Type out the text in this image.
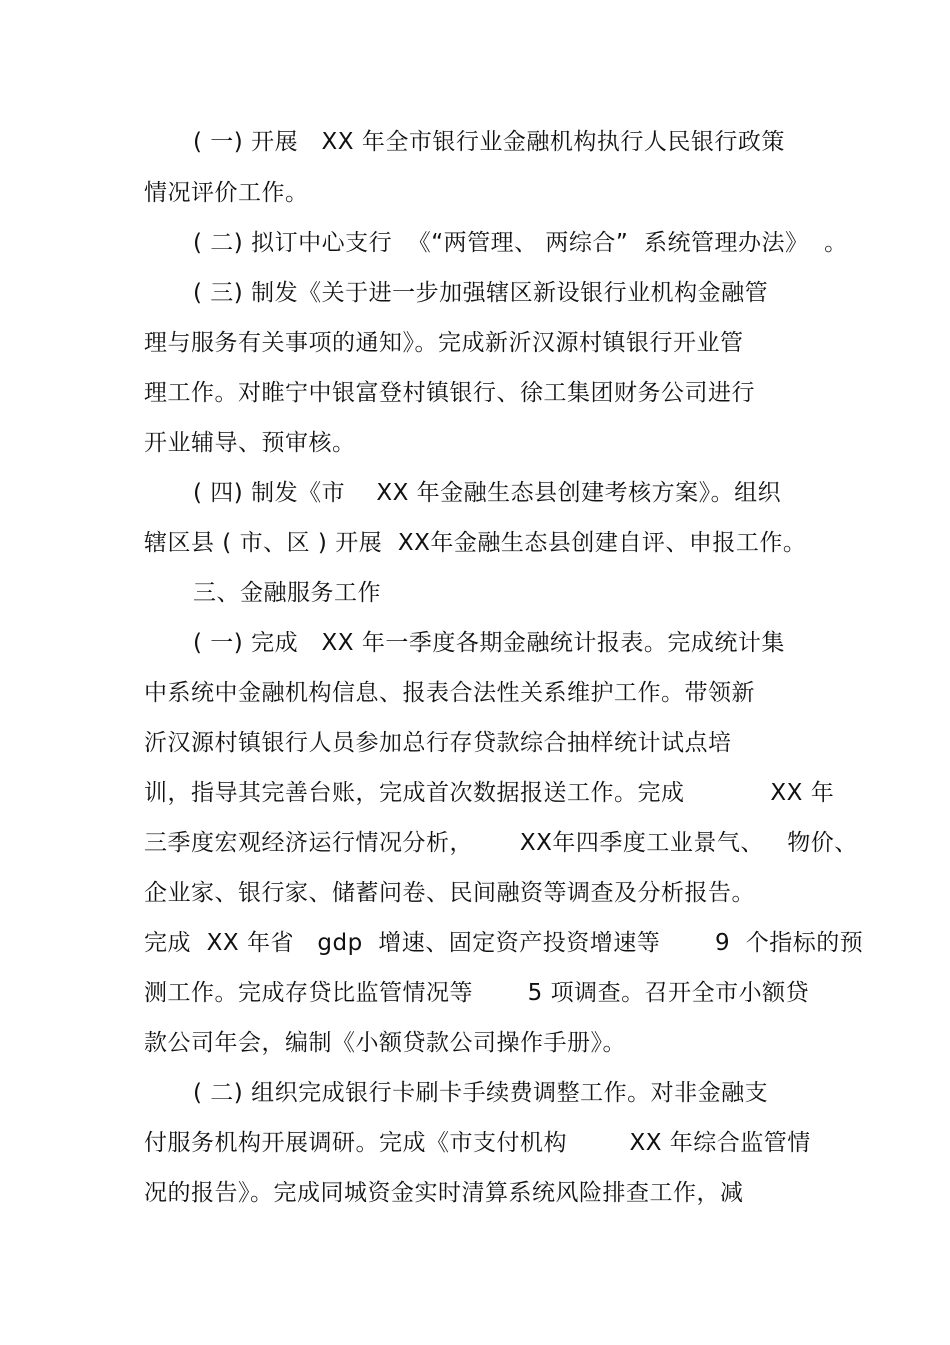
( 一) 开展   XX 年全市银行业金融机构执行人民银行政策
情况评价工作。
( 二) 拟订中心支行  《“两管理、 两综合”  系统管理办法》  。
( 三) 制发《关于进一步加强辖区新设银行业机构金融管
理与服务有关事项的通知》。完成新沂汉源村镇银行开业管
理工作。对睢宁中银富登村镇银行、徐工集团财务公司进行
开业辅导、预审核。
( 四) 制发《市    XX 年金融生态县创建考核方案》。组织
辖区县 ( 市、区 ) 开展  XX年金融生态县创建自评、申报工作。
三、金融服务工作
( 一) 完成   XX 年一季度各期金融统计报表。完成统计集
中系统中金融机构信息、报表合法性关系维护工作。带领新
沂汉源村镇银行人员参加总行存贷款综合抽样统计试点培
训，指导其完善台账，完成首次数据报送工作。完成           XX 年
三季度宏观经济运行情况分析，      XX年四季度工业景气、   物价、
企业家、银行家、储蓄问卷、民间融资等调查及分析报告。
完成  XX 年省   gdp  增速、固定资产投资增速等       9  个指标的预
测工作。完成存贷比监管情况等       5 项调查。召开全市小额贷
款公司年会，编制《小额贷款公司操作手册》。
( 二) 组织完成银行卡刷卡手续费调整工作。对非金融支
付服务机构开展调研。完成《市支付机构        XX 年综合监管情
况的报告》。完成同城资金实时清算系统风险排查工作，减
